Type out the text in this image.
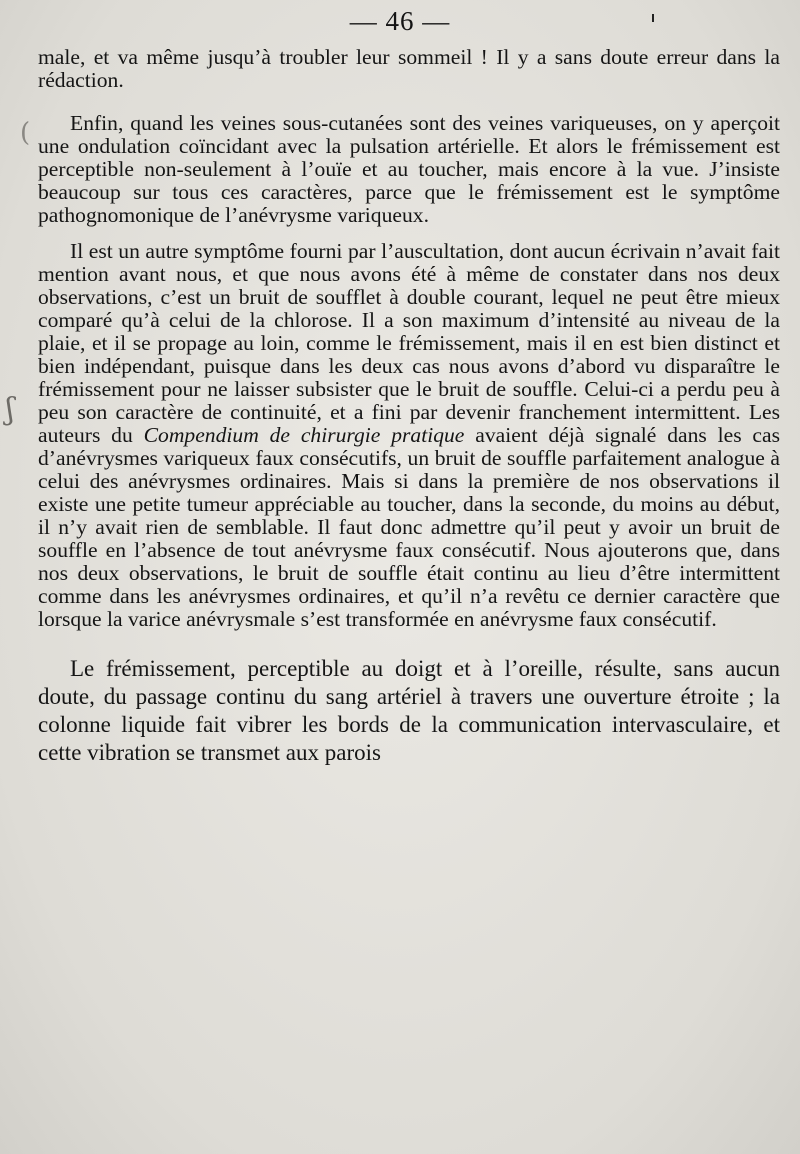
— 46 —
(
ʃ

male, et va même jusqu’à troubler leur sommeil ! Il y a sans doute erreur dans la rédaction.

Enfin, quand les veines sous-cutanées sont des veines variqueuses, on y aperçoit une ondulation coïncidant avec la pulsation artérielle. Et alors le frémissement est perceptible non-seulement à l’ouïe et au toucher, mais encore à la vue. J’insiste beaucoup sur tous ces caractères, parce que le frémissement est le symptôme pathognomonique de l’anévrysme variqueux.

Il est un autre symptôme fourni par l’auscultation, dont aucun écrivain n’avait fait mention avant nous, et que nous avons été à même de constater dans nos deux observations, c’est un bruit de soufflet à double courant, lequel ne peut être mieux comparé qu’à celui de la chlorose. Il a son maximum d’intensité au niveau de la plaie, et il se propage au loin, comme le frémissement, mais il en est bien distinct et bien indépendant, puisque dans les deux cas nous avons d’abord vu disparaître le frémissement pour ne laisser subsister que le bruit de souffle. Celui-ci a perdu peu à peu son caractère de continuité, et a fini par devenir franchement intermittent. Les auteurs du Compendium de chirurgie pratique avaient déjà signalé dans les cas d’anévrysmes variqueux faux consécutifs, un bruit de souffle parfaitement analogue à celui des anévrysmes ordinaires. Mais si dans la première de nos observations il existe une petite tumeur appréciable au toucher, dans la seconde, du moins au début, il n’y avait rien de semblable. Il faut donc admettre qu’il peut y avoir un bruit de souffle en l’absence de tout anévrysme faux consécutif. Nous ajouterons que, dans nos deux observations, le bruit de souffle était continu au lieu d’être intermittent comme dans les anévrysmes ordinaires, et qu’il n’a revêtu ce dernier caractère que lorsque la varice anévrysmale s’est transformée en anévrysme faux consécutif.

Le frémissement, perceptible au doigt et à l’oreille, résulte, sans aucun doute, du passage continu du sang artériel à travers une ouverture étroite ; la colonne liquide fait vibrer les bords de la communication intervasculaire, et cette vibration se transmet aux parois
